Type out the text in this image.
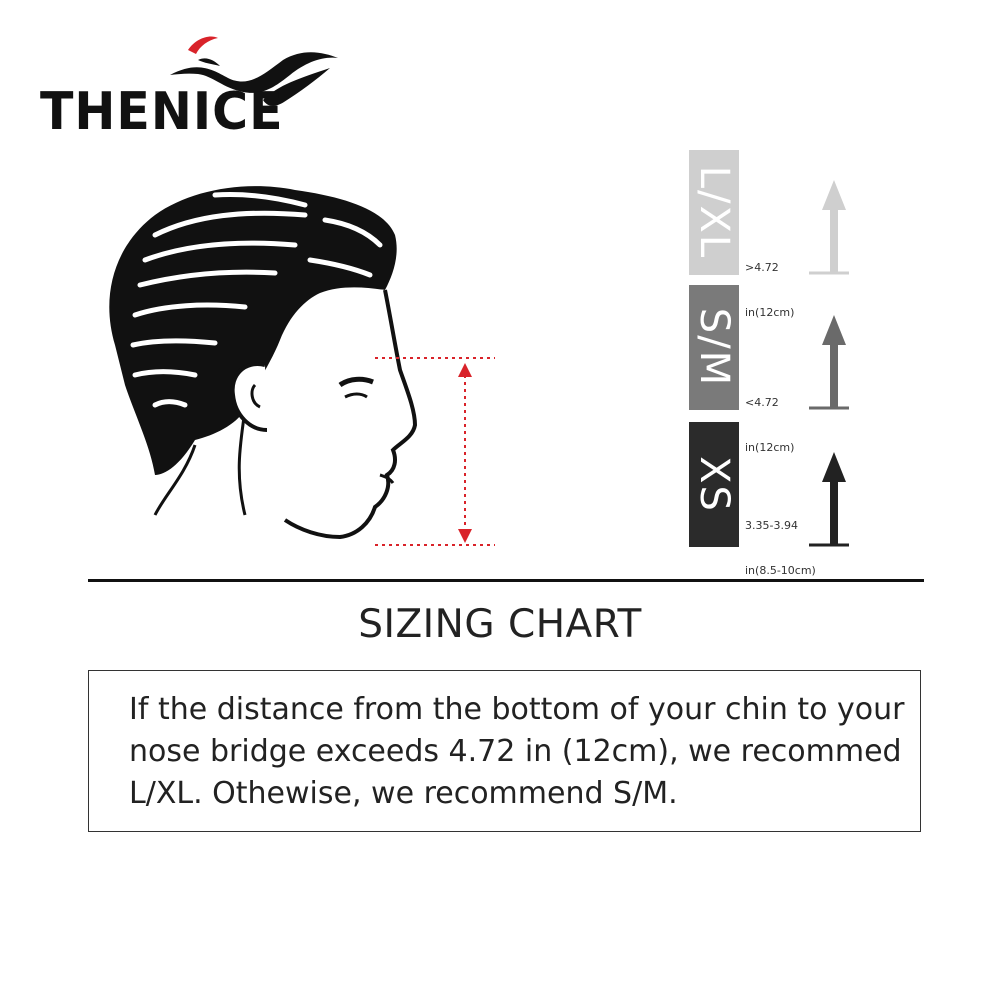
THENICE
L/XL

>4.72

in(12cm)

S/M

<4.72

in(12cm)

XS

3.35-3.94

in(8.5-10cm)

SIZING CHART
If the distance from the bottom of your chin to your nose bridge exceeds 4.72 in (12cm), we recommed L/XL. Othewise, we recommend S/M.
